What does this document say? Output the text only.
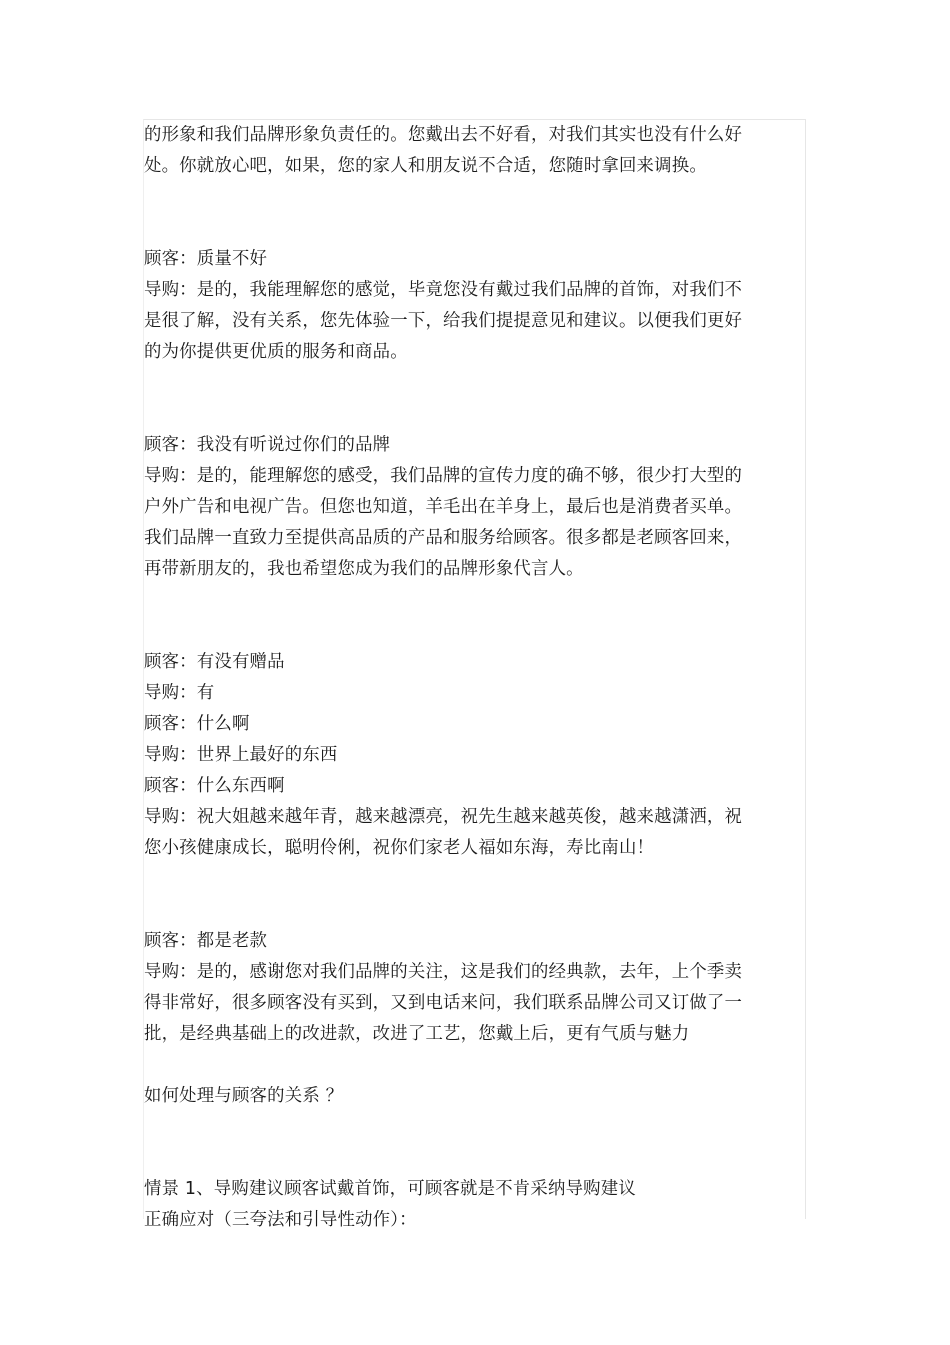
的形象和我们品牌形象负责任的。您戴出去不好看，对我们其实也没有什么好
处。你就放心吧，如果，您的家人和朋友说不合适，您随时拿回来调换。
顾客：质量不好
导购：是的，我能理解您的感觉，毕竟您没有戴过我们品牌的首饰，对我们不
是很了解，没有关系，您先体验一下，给我们提提意见和建议。以便我们更好
的为你提供更优质的服务和商品。
顾客：我没有听说过你们的品牌
导购：是的，能理解您的感受，我们品牌的宣传力度的确不够，很少打大型的
户外广告和电视广告。但您也知道，羊毛出在羊身上，最后也是消费者买单。
我们品牌一直致力至提供高品质的产品和服务给顾客。很多都是老顾客回来，
再带新朋友的，我也希望您成为我们的品牌形象代言人。
顾客：有没有赠品
导购：有
顾客：什么啊
导购：世界上最好的东西
顾客：什么东西啊
导购：祝大姐越来越年青，越来越漂亮，祝先生越来越英俊，越来越潇洒，祝
您小孩健康成长，聪明伶俐，祝你们家老人福如东海，寿比南山！
顾客：都是老款
导购：是的，感谢您对我们品牌的关注，这是我们的经典款，去年，上个季卖
得非常好，很多顾客没有买到，又到电话来问，我们联系品牌公司又订做了一
批，是经典基础上的改进款，改进了工艺，您戴上后，更有气质与魅力
如何处理与顾客的关系 ？
情景 1、导购建议顾客试戴首饰，可顾客就是不肯采纳导购建议
正确应对（三夸法和引导性动作）：
